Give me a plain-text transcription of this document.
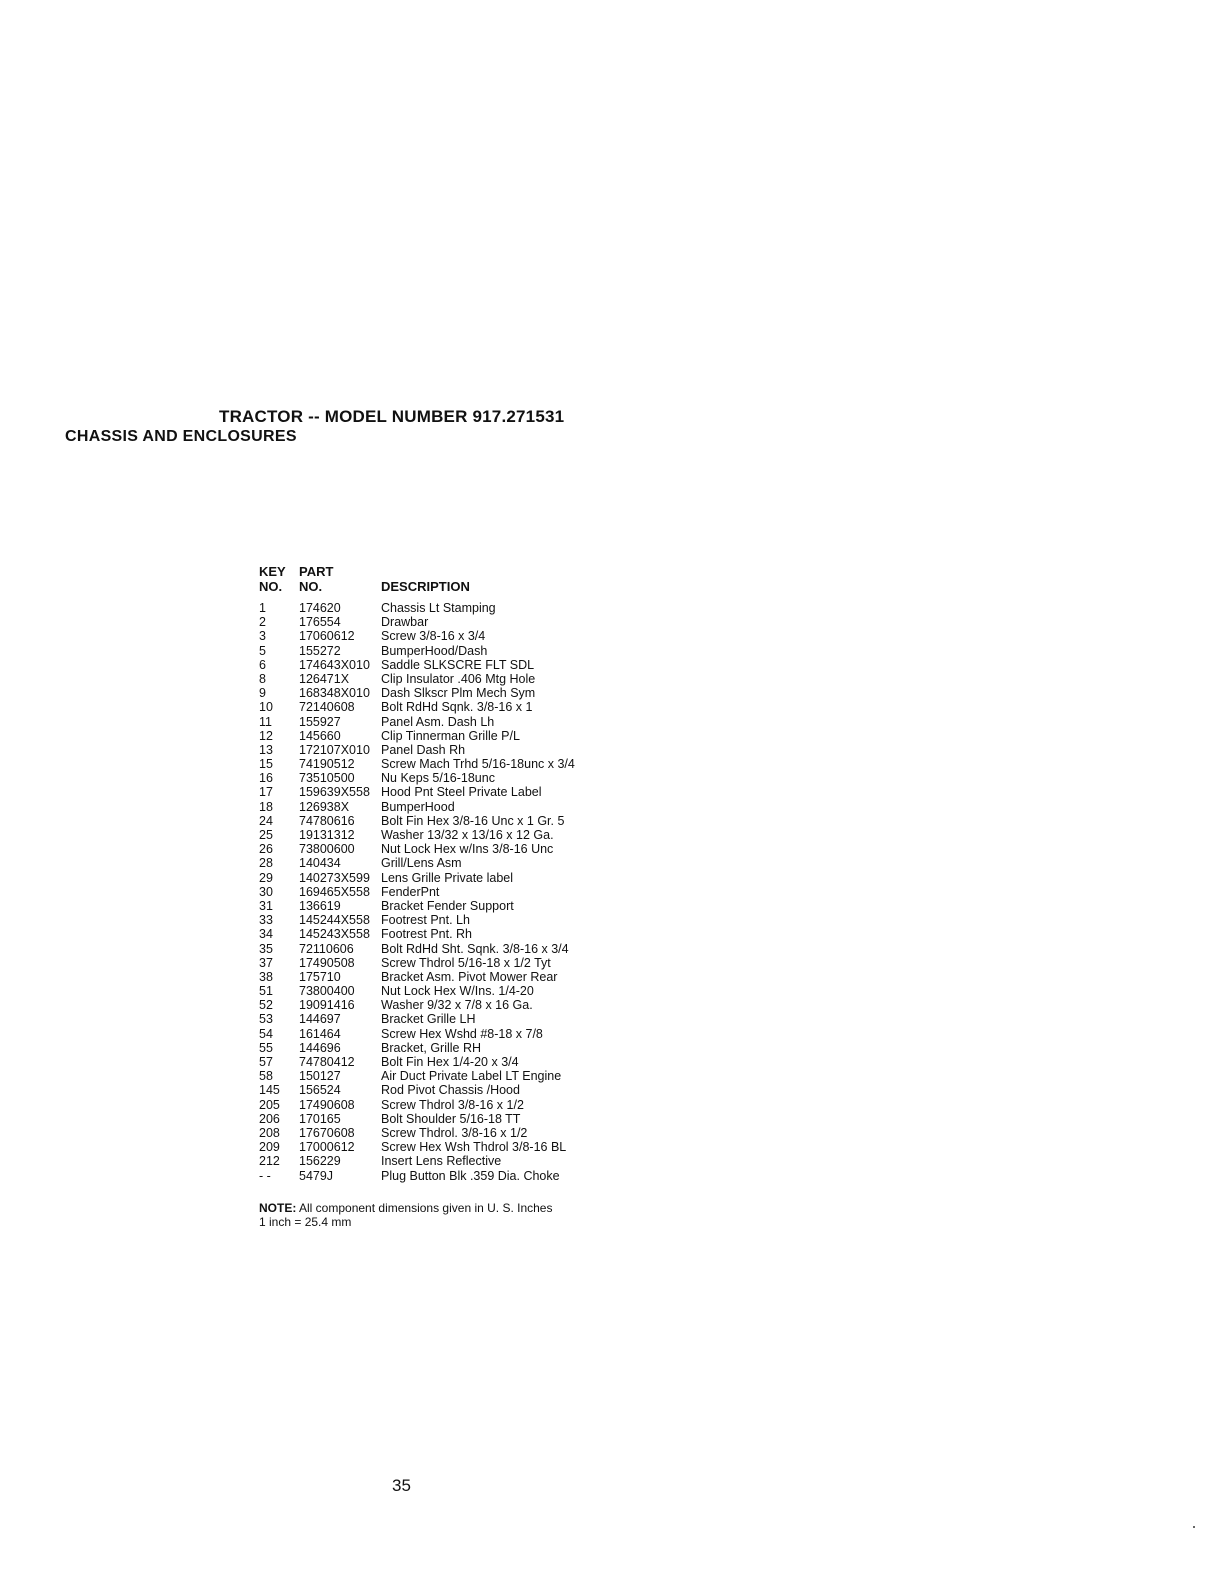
TRACTOR -- MODEL NUMBER 917.271531
CHASSIS AND ENCLOSURES
KEY PART
NO. NO.	DESCRIPTION
1	174620	Chassis Lt Stamping
2	176554	Drawbar
3	17060612 Screw 3/8-16 x 3/4
5	155272	BumperHood/Dash
6	174643X010 Saddle SLKSCRE FLT SDL
8	126471X	Clip Insulator .406 Mtg Hole
9	168348X010 Dash Slkscr Plm Mech Sym
10 72140608 Bolt RdHd Sqnk. 3/8-16 x 1
11 155927	Panel Asm. Dash Lh
12 145660	Clip Tinnerman Grille P/L
13 172107X010 Panel Dash Rh
15 74190512 Screw Mach Trhd 5/16-18unc x 3/4
16 73510500 Nu Keps 5/16-18unc
17 159639X558 Hood Pnt Steel Private Label
18 126938X	BumperHood
24 74780616 Bolt Fin Hex 3/8-16 Unc x 1 Gr. 5
25 19131312 Washer 13/32 x 13/16 x 12 Ga.
26 73800600 Nut Lock Hex w/Ins 3/8-16 Unc
28 140434	Grill/Lens Asm
29 140273X599 Lens Grille Private label
30 169465X558 FenderPnt
31 136619	Bracket Fender Support
33 145244X558 Footrest Pnt. Lh
34 145243X558 Footrest Pnt. Rh
35 72110606 Bolt RdHd Sht. Sqnk. 3/8-16 x 3/4
37 17490508 Screw Thdrol 5/16-18 x 1/2 Tyt
38 175710	Bracket Asm. Pivot Mower Rear
51 73800400 Nut Lock Hex W/Ins. 1/4-20
52 19091416 Washer 9/32 x 7/8 x 16 Ga.
53 144697	Bracket Grille LH
54 161464	Screw Hex Wshd #8-18 x 7/8
55 144696	Bracket, Grille RH
57 74780412 Bolt Fin Hex 1/4-20 x 3/4
58 150127	Air Duct Private Label LT Engine
145 156524	Rod Pivot Chassis /Hood
205 17490608 Screw Thdrol 3/8-16 x 1/2
206 170165	Bolt Shoulder 5/16-18 TT
208 17670608 Screw Thdrol. 3/8-16 x 1/2
209 17000612 Screw Hex Wsh Thdrol 3/8-16 BL
212 156229	Insert Lens Reflective
- - 5479J	Plug Button Blk .359 Dia. Choke
NOTE: All component dimensions given in U. S. Inches 1 inch = 25.4 mm
35
